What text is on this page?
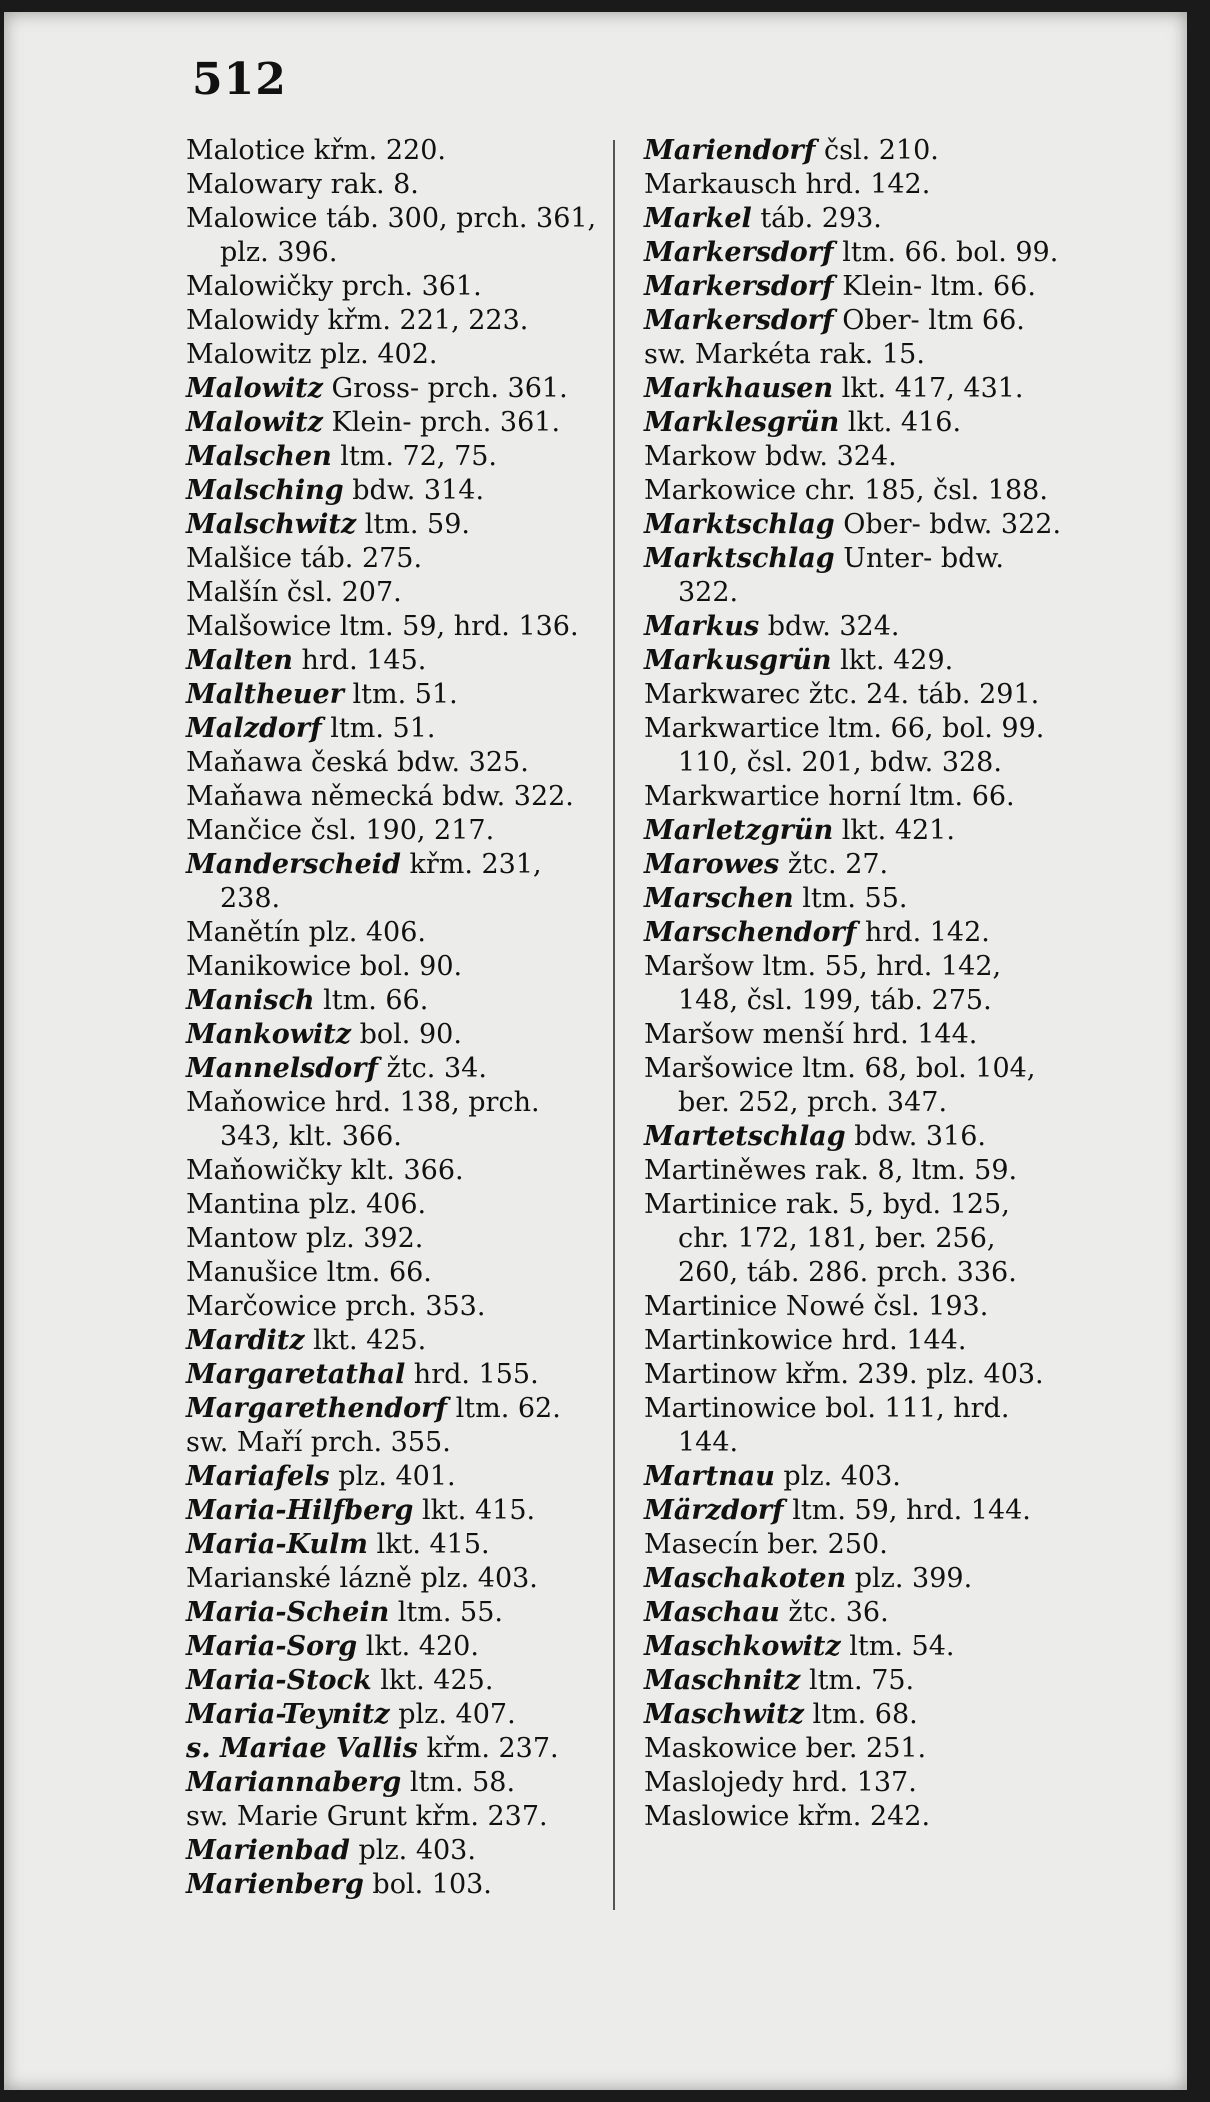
512
Malotice křm. 220.
Malowary rak. 8.
Malowice táb. 300, prch. 361, plz. 396.
Malowičky prch. 361.
Malowidy křm. 221, 223.
Malowitz plz. 402.
Malowitz Gross- prch. 361.
Malowitz Klein- prch. 361.
Malschen ltm. 72, 75.
Malsching bdw. 314.
Malschwitz ltm. 59.
Malšice táb. 275.
Malšín čsl. 207.
Malšowice ltm. 59, hrd. 136.
Malten hrd. 145.
Maltheuer ltm. 51.
Malzdorf ltm. 51.
Maňawa česká bdw. 325.
Maňawa německá bdw. 322.
Mančice čsl. 190, 217.
Manderscheid křm. 231, 238.
Manětín plz. 406.
Manikowice bol. 90.
Manisch ltm. 66.
Mankowitz bol. 90.
Mannelsdorf žtc. 34.
Maňowice hrd. 138, prch. 343, klt. 366.
Maňowičky klt. 366.
Mantina plz. 406.
Mantow plz. 392.
Manušice ltm. 66.
Marčowice prch. 353.
Marditz lkt. 425.
Margaretathal hrd. 155.
Margarethendorf ltm. 62.
sw. Maří prch. 355.
Mariafels plz. 401.
Maria-Hilfberg lkt. 415.
Maria-Kulm lkt. 415.
Marianské lázně plz. 403.
Maria-Schein ltm. 55.
Maria-Sorg lkt. 420.
Maria-Stock lkt. 425.
Maria-Teynitz plz. 407.
s. Mariae Vallis křm. 237.
Mariannaberg ltm. 58.
sw. Marie Grunt křm. 237.
Marienbad plz. 403.
Marienberg bol. 103.
Mariendorf čsl. 210.
Markausch hrd. 142.
Markel táb. 293.
Markersdorf ltm. 66. bol. 99.
Markersdorf Klein- ltm. 66.
Markersdorf Ober- ltm 66.
sw. Markéta rak. 15.
Markhausen lkt. 417, 431.
Marklesgrün lkt. 416.
Markow bdw. 324.
Markowice chr. 185, čsl. 188.
Marktschlag Ober- bdw. 322.
Marktschlag Unter- bdw. 322.
Markus bdw. 324.
Markusgrün lkt. 429.
Markwarec žtc. 24. táb. 291.
Markwartice ltm. 66, bol. 99. 110, čsl. 201, bdw. 328.
Markwartice horní ltm. 66.
Marletzgrün lkt. 421.
Marowes žtc. 27.
Marschen ltm. 55.
Marschendorf hrd. 142.
Maršow ltm. 55, hrd. 142, 148, čsl. 199, táb. 275.
Maršow menší hrd. 144.
Maršowice ltm. 68, bol. 104, ber. 252, prch. 347.
Martetschlag bdw. 316.
Martiněwes rak. 8, ltm. 59.
Martinice rak. 5, byd. 125, chr. 172, 181, ber. 256, 260, táb. 286. prch. 336.
Martinice Nowé čsl. 193.
Martinkowice hrd. 144.
Martinow křm. 239. plz. 403.
Martinowice bol. 111, hrd. 144.
Martnau plz. 403.
Märzdorf ltm. 59, hrd. 144.
Masecín ber. 250.
Maschakoten plz. 399.
Maschau žtc. 36.
Maschkowitz ltm. 54.
Maschnitz ltm. 75.
Maschwitz ltm. 68.
Maskowice ber. 251.
Maslojedy hrd. 137.
Maslowice křm. 242.
